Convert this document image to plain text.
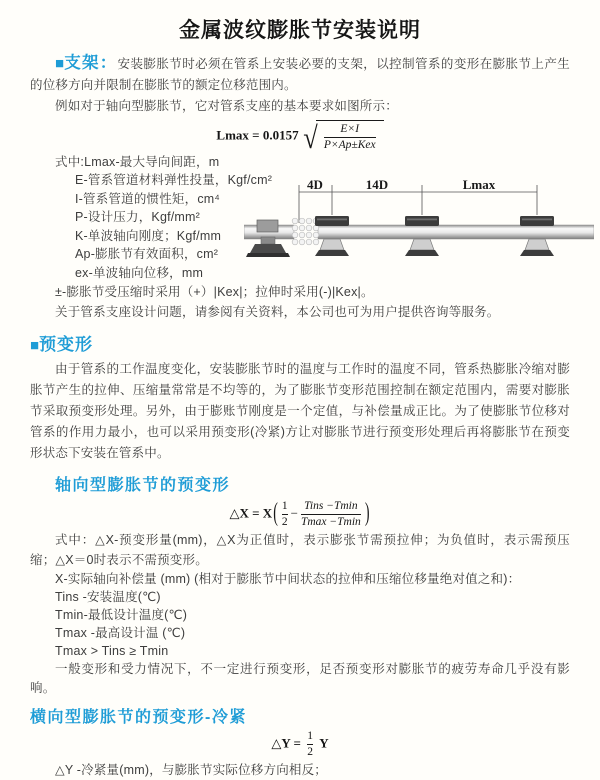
金属波纹膨胀节安装说明

■支架：安装膨胀节时必须在管系上安装必要的支架，以控制管系的变形在膨胀节上产生的位移方向并限制在膨胀节的额定位移范围内。

例如对于轴向型膨胀节，它对管系支座的基本要求如图所示：

Lmax = 0.0157 √ $\frac{E\times I}{\text{P×Ap±Kex}}$
式中:Lmax-最大导向间距，m
E-管系管道材料弹性投量，Kgf/cm²
I-管系管道的惯性矩，cm⁴
P-设计压力，Kgf/mm²
K-单波轴向刚度；Kgf/mm
Ap-膨胀节有效面积，cm²
ex-单波轴向位移，mm
4D	14D	Lmax

±-膨胀节受压缩时采用（+）|Kex|；拉伸时采用(-)|Kex|。

关于管系支座设计问题，请参阅有关资料，本公司也可为用户提供咨询等服务。

■预变形

由于管系的工作温度变化，安装膨胀节时的温度与工作时的温度不同，管系热膨胀冷缩对膨胀节产生的拉伸、压缩量常常是不均等的，为了膨胀节变形范围控制在额定范围内，需要对膨胀节采取预变形处理。另外，由于膨账节刚度是一个定值，与补偿量成正比。为了使膨胀节位移对管系的作用力最小，也可以采用预变形(冷紧)方让对膨胀节进行预变形处理后再将膨胀节在预变形状态下安装在管系中。

轴向型膨胀节的预变形
△X = $X( \frac{1}{2} - \frac{\text{Tins −Tmin}}{Tmax -Tmin}$ )

式中：△X-预变形量(mm)，△X为正值时，表示膨张节需预拉伸；为负值时，表示需预压缩；△X＝0时表示不需预变形。

X-实际轴向补偿量 (mm) (相对于膨胀节中间状态的拉伸和压缩位移量绝对值之和)：
Tins -安装温度(℃)
Tmin-最低设计温度(℃)
Tmax -最高设计温 (℃)
Tmax > Tins ≥ Tmin

一般变形和受力情况下，不一定进行预变形，足否预变形对膨胀节的疲劳寿命几乎没有影响。

横向型膨胀节的预变形-冷紧
△Y = $\frac{1}{2}$ Y

△Y -冷紧量(mm)，与膨胀节实际位移方向相反；
